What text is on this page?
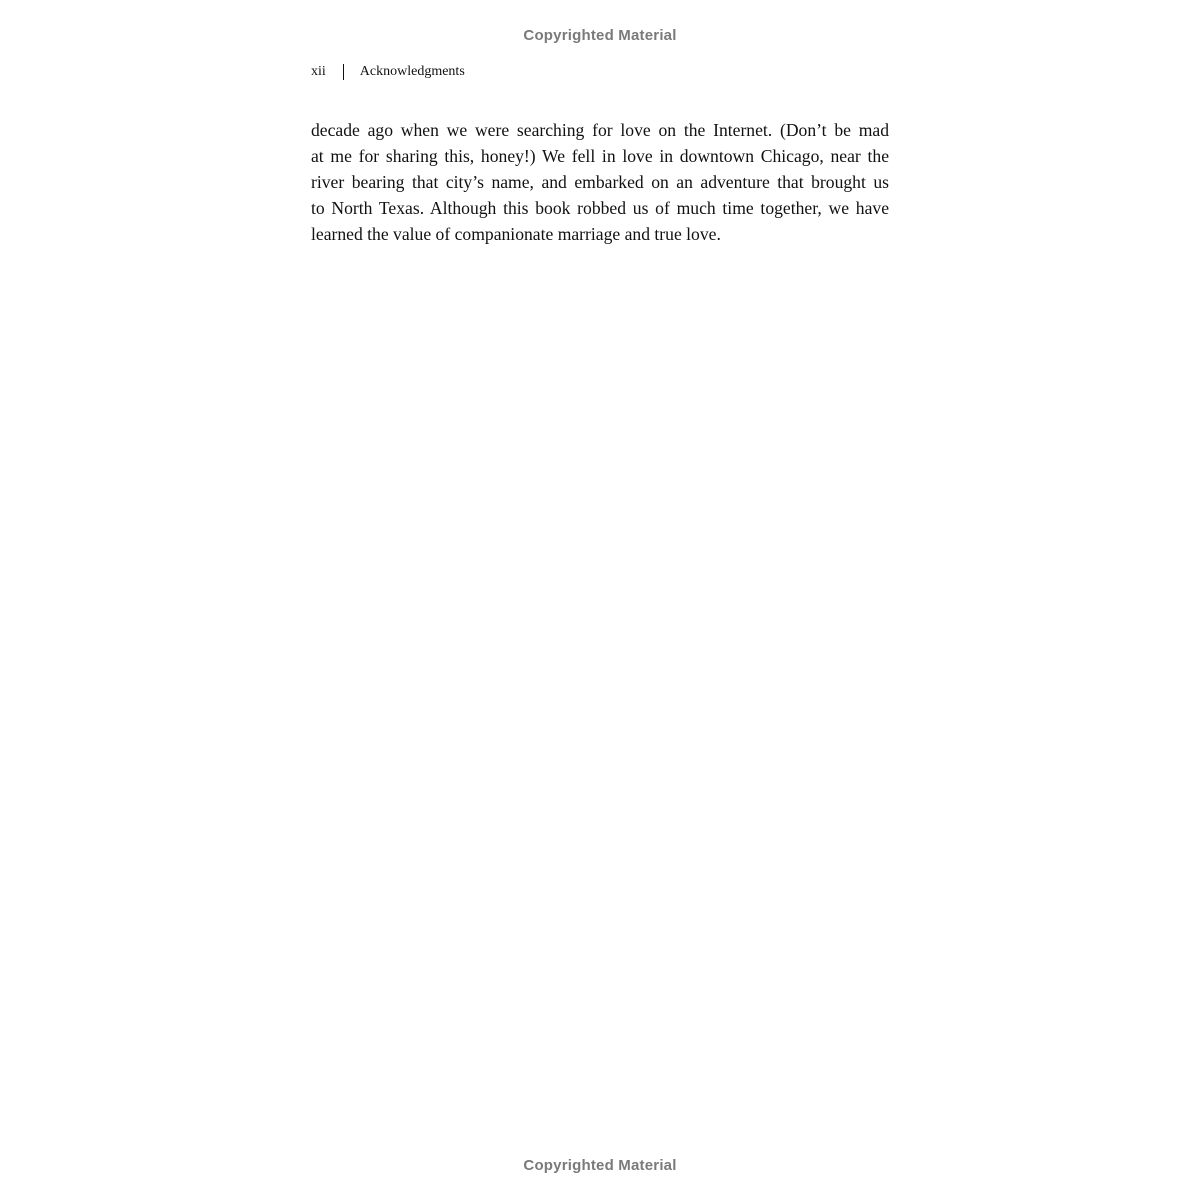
Copyrighted Material
xii Acknowledgments
decade ago when we were searching for love on the Internet. (Don’t be mad
at me for sharing this, honey!) We fell in love in downtown Chicago, near the
river bearing that city’s name, and embarked on an adventure that brought us
to North Texas. Although this book robbed us of much time together, we have
learned the value of companionate marriage and true love.
Copyrighted Material
